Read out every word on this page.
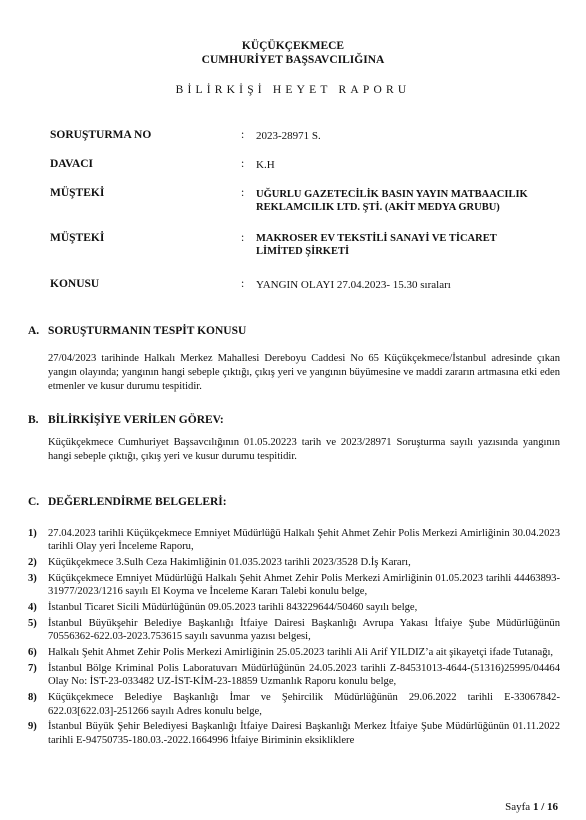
KÜÇÜKÇEKMECE
CUMHURİYET BAŞSAVCILIĞINA
BİLİRKİŞİ HEYET RAPORU
SORUŞTURMA NO	: 2023-28971 S.
DAVACI	: K.H
MÜŞTEKİ	: UĞURLU GAZETECİLİK BASIN YAYIN MATBAACILIK
REKLAMCILIK LTD. ŞTİ. (AKİT MEDYA GRUBU)
MÜŞTEKİ	: MAKROSER EV TEKSTİLİ SANAYİ VE TİCARET
LİMİTED ŞİRKETİ
KONUSU	: YANGIN OLAYI 27.04.2023- 15.30 sıraları
A. SORUŞTURMANIN TESPİT KONUSU

27/04/2023 tarihinde Halkalı Merkez Mahallesi Dereboyu Caddesi No 65 Küçükçekmece/İstanbul adresinde çıkan yangın olayında; yangının hangi sebeple çıktığı, çıkış yeri ve yangının büyümesine ve maddi zararın artmasına etki eden etmenler ve kusur durumu tespitidir.

B. BİLİRKİŞİYE VERİLEN GÖREV:

Küçükçekmece Cumhuriyet Başsavcılığının 01.05.20223 tarih ve 2023/28971 Soruşturma sayılı yazısında yangının hangi sebeple çıktığı, çıkış yeri ve kusur durumu tespitidir.

C. DEĞERLENDİRME BELGELERİ:
1) 27.04.2023 tarihli Küçükçekmece Emniyet Müdürlüğü Halkalı Şehit Ahmet Zehir Polis Merkezi Amirliğinin 30.04.2023 tarihli Olay yeri İnceleme Raporu,
2) Küçükçekmece 3.Sulh Ceza Hakimliğinin 01.035.2023 tarihli 2023/3528 D.İş Kararı,
3) Küçükçekmece Emniyet Müdürlüğü Halkalı Şehit Ahmet Zehir Polis Merkezi Amirliğinin 01.05.2023 tarihli 44463893-31977/2023/1216 sayılı El Koyma ve İnceleme Kararı Talebi konulu belge,
4) İstanbul Ticaret Sicili Müdürlüğünün 09.05.2023 tarihli 843229644/50460 sayılı belge,
5) İstanbul Büyükşehir Belediye Başkanlığı İtfaiye Dairesi Başkanlığı Avrupa Yakası İtfaiye Şube Müdürlüğünün 70556362-622.03-2023.753615 sayılı savunma yazısı belgesi,
6) Halkalı Şehit Ahmet Zehir Polis Merkezi Amirliğinin 25.05.2023 tarihli Ali Arif YILDIZ’a ait şikayetçi ifade Tutanağı,
7) İstanbul Bölge Kriminal Polis Laboratuvarı Müdürlüğünün 24.05.2023 tarihli Z-84531013-4644-(51316)25995/04464 Olay No: İST-23-033482 UZ-İST-KİM-23-18859 Uzmanlık Raporu konulu belge,
8) Küçükçekmece Belediye Başkanlığı İmar ve Şehircilik Müdürlüğünün 29.06.2022 tarihli E-33067842-622.03[622.03]-251266 sayılı Adres konulu belge,
9) İstanbul Büyük Şehir Belediyesi Başkanlığı İtfaiye Dairesi Başkanlığı Merkez İtfaiye Şube Müdürlüğünün 01.11.2022 tarihli E-94750735-180.03.-2022.1664996 İtfaiye Biriminin eksikliklere
Sayfa 1 / 16
